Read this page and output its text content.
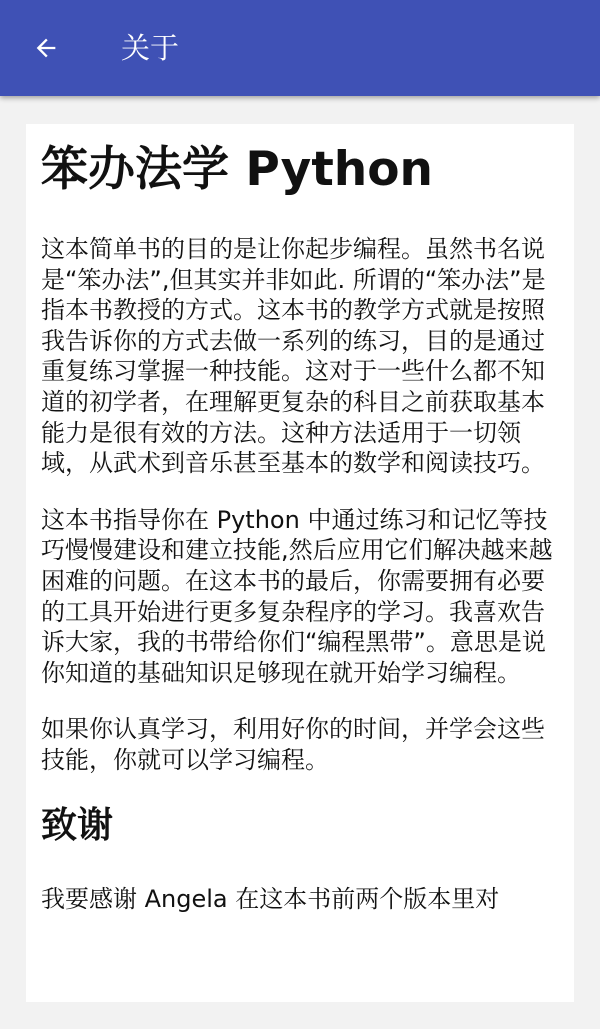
关于
笨办法学 Python

这本简单书的目的是让你起步编程。虽然书名说是“笨办法”,但其实并非如此. 所谓的“笨办法”是指本书教授的方式。这本书的教学方式就是按照我告诉你的方式去做一系列的练习，目的是通过重复练习掌握一种技能。这对于一些什么都不知道的初学者，在理解更复杂的科目之前获取基本能力是很有效的方法。这种方法适用于一切领域，从武术到音乐甚至基本的数学和阅读技巧。

这本书指导你在 Python 中通过练习和记忆等技巧慢慢建设和建立技能,然后应用它们解决越来越困难的问题。在这本书的最后，你需要拥有必要的工具开始进行更多复杂程序的学习。我喜欢告诉大家，我的书带给你们“编程黑带”。意思是说你知道的基础知识足够现在就开始学习编程。

如果你认真学习，利用好你的时间，并学会这些技能，你就可以学习编程。

致谢

我要感谢 Angela 在这本书前两个版本里对
